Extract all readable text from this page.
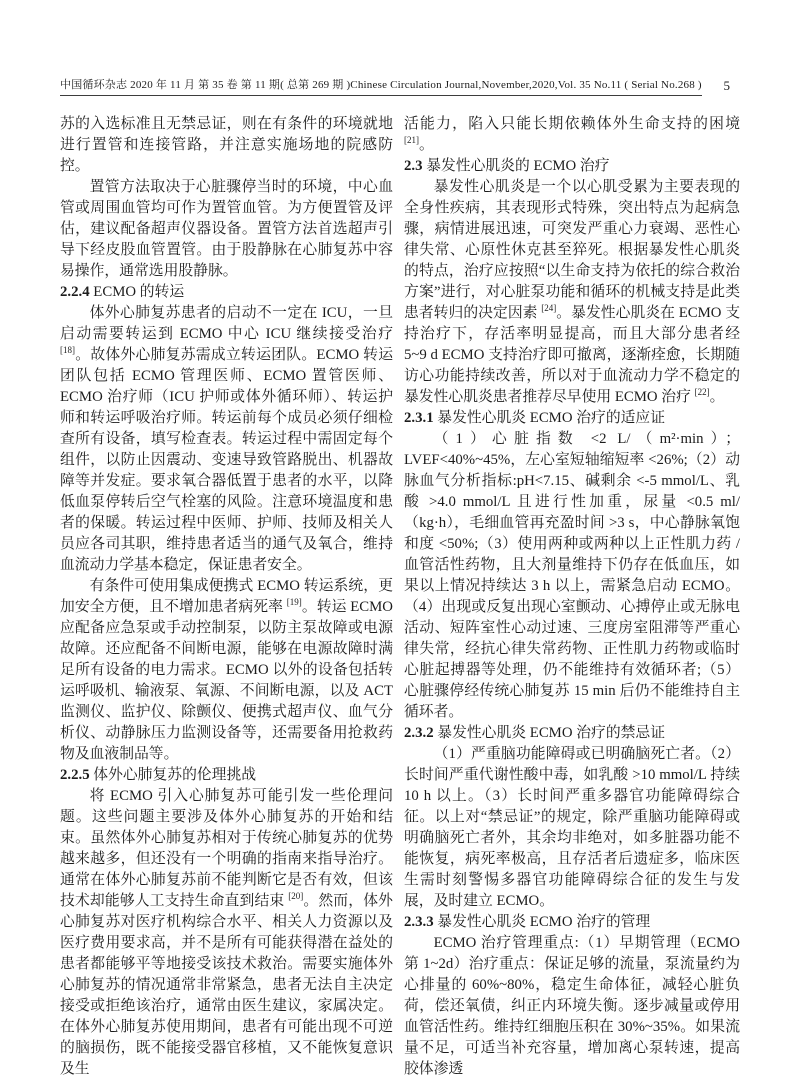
中国循环杂志 2020 年 11 月 第 35 卷 第 11 期( 总第 269 期 )Chinese Circulation Journal,November,2020,Vol. 35 No.11 ( Serial No.268 ) 5

苏的入选标准且无禁忌证，则在有条件的环境就地进行置管和连接管路，并注意实施场地的院感防控。

置管方法取决于心脏骤停当时的环境，中心血管或周围血管均可作为置管血管。为方便置管及评估，建议配备超声仪器设备。置管方法首选超声引导下经皮股血管置管。由于股静脉在心肺复苏中容易操作，通常选用股静脉。

2.2.4 ECMO 的转运

体外心肺复苏患者的启动不一定在 ICU，一旦启动需要转运到 ECMO 中心 ICU 继续接受治疗[18]。故体外心肺复苏需成立转运团队。ECMO 转运团队包括 ECMO 管理医师、ECMO 置管医师、ECMO 治疗师（ICU 护师或体外循环师）、转运护师和转运呼吸治疗师。转运前每个成员必须仔细检查所有设备，填写检查表。转运过程中需固定每个组件，以防止因震动、变速导致管路脱出、机器故障等并发症。要求氧合器低置于患者的水平，以降低血泵停转后空气栓塞的风险。注意环境温度和患者的保暖。转运过程中医师、护师、技师及相关人员应各司其职，维持患者适当的通气及氧合，维持血流动力学基本稳定，保证患者安全。

有条件可使用集成便携式 ECMO 转运系统，更加安全方便，且不增加患者病死率 [19]。转运 ECMO 应配备应急泵或手动控制泵，以防主泵故障或电源故障。还应配备不间断电源，能够在电源故障时满足所有设备的电力需求。ECMO 以外的设备包括转运呼吸机、输液泵、氧源、不间断电源，以及 ACT 监测仪、监护仪、除颤仪、便携式超声仪、血气分析仪、动静脉压力监测设备等，还需要备用抢救药物及血液制品等。

2.2.5 体外心肺复苏的伦理挑战

将 ECMO 引入心肺复苏可能引发一些伦理问题。这些问题主要涉及体外心肺复苏的开始和结束。虽然体外心肺复苏相对于传统心肺复苏的优势越来越多，但还没有一个明确的指南来指导治疗。通常在体外心肺复苏前不能判断它是否有效，但该技术却能够人工支持生命直到结束 [20]。然而，体外心肺复苏对医疗机构综合水平、相关人力资源以及医疗费用要求高，并不是所有可能获得潜在益处的患者都能够平等地接受该技术救治。需要实施体外心肺复苏的情况通常非常紧急，患者无法自主决定接受或拒绝该治疗，通常由医生建议，家属决定。在体外心肺复苏使用期间，患者有可能出现不可逆的脑损伤，既不能接受器官移植，又不能恢复意识及生

活能力，陷入只能长期依赖体外生命支持的困境[21]。

2.3 暴发性心肌炎的 ECMO 治疗

暴发性心肌炎是一个以心肌受累为主要表现的全身性疾病，其表现形式特殊，突出特点为起病急骤，病情进展迅速，可突发严重心力衰竭、恶性心律失常、心原性休克甚至猝死。根据暴发性心肌炎的特点，治疗应按照“以生命支持为依托的综合救治方案”进行，对心脏泵功能和循环的机械支持是此类患者转归的决定因素 [24]。暴发性心肌炎在 ECMO 支持治疗下，存活率明显提高，而且大部分患者经 5~9 d ECMO 支持治疗即可撤离，逐渐痊愈，长期随访心功能持续改善，所以对于血流动力学不稳定的暴发性心肌炎患者推荐尽早使用 ECMO 治疗 [22]。

2.3.1 暴发性心肌炎 ECMO 治疗的适应证

（1）心脏指数 <2 L/（m²·min）；LVEF<40%~45%，左心室短轴缩短率 <26%;（2）动脉血气分析指标:pH<7.15、碱剩余 <-5 mmol/L、乳酸 >4.0 mmol/L 且进行性加重，尿量 <0.5 ml/（kg·h），毛细血管再充盈时间 >3 s，中心静脉氧饱和度 <50%;（3）使用两种或两种以上正性肌力药 / 血管活性药物，且大剂量维持下仍存在低血压，如果以上情况持续达 3 h 以上，需紧急启动 ECMO。（4）出现或反复出现心室颤动、心搏停止或无脉电活动、短阵室性心动过速、三度房室阻滞等严重心律失常，经抗心律失常药物、正性肌力药物或临时心脏起搏器等处理，仍不能维持有效循环者;（5）心脏骤停经传统心肺复苏 15 min 后仍不能维持自主循环者。

2.3.2 暴发性心肌炎 ECMO 治疗的禁忌证

（1）严重脑功能障碍或已明确脑死亡者。（2）长时间严重代谢性酸中毒，如乳酸 >10 mmol/L 持续 10 h 以上。（3）长时间严重多器官功能障碍综合征。以上对“禁忌证”的规定，除严重脑功能障碍或明确脑死亡者外，其余均非绝对，如多脏器功能不能恢复，病死率极高，且存活者后遗症多，临床医生需时刻警惕多器官功能障碍综合征的发生与发展，及时建立 ECMO。

2.3.3 暴发性心肌炎 ECMO 治疗的管理

ECMO 治疗管理重点:（1）早期管理（ECMO 第 1~2d）治疗重点：保证足够的流量，泵流量约为心排量的 60%~80%，稳定生命体征，减轻心脏负荷，偿还氧债，纠正内环境失衡。逐步减量或停用血管活性药。维持红细胞压积在 30%~35%。如果流量不足，可适当补充容量，增加离心泵转速，提高胶体渗透
